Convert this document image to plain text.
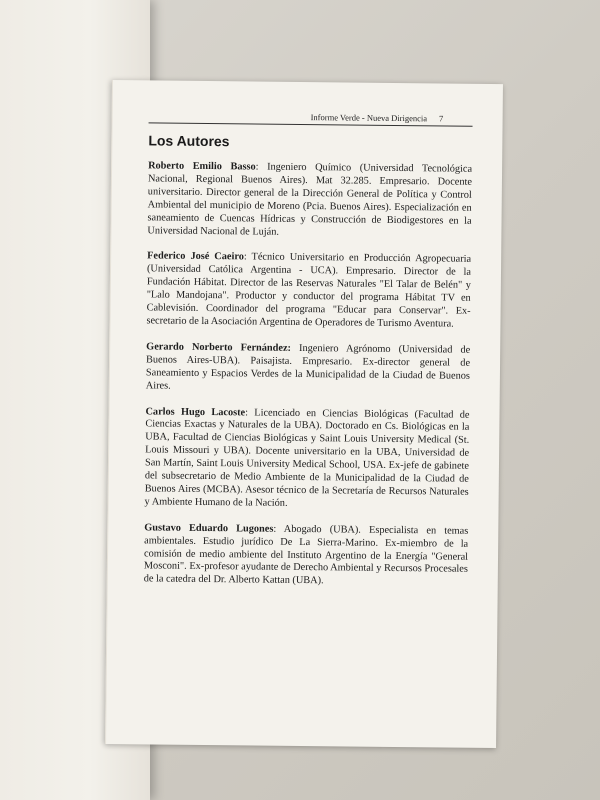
Informe Verde - Nueva Dirigencia 7
Los Autores

Roberto Emilio Basso: Ingeniero Químico (Universidad Tecnológica Nacional, Regional Buenos Aires). Mat 32.285. Empresario. Docente universitario. Director general de la Dirección General de Política y Control Ambiental del municipio de Moreno (Pcia. Buenos Aires). Especialización en saneamiento de Cuencas Hídricas y Construcción de Biodigestores en la Universidad Nacional de Luján.

Federico José Caeiro: Técnico Universitario en Producción Agropecuaria (Universidad Católica Argentina - UCA). Empresario. Director de la Fundación Hábitat. Director de las Reservas Naturales "El Talar de Belén" y "Lalo Mandojana". Productor y conductor del programa Hábitat TV en Cablevisión. Coordinador del programa "Educar para Conservar". Ex-secretario de la Asociación Argentina de Operadores de Turismo Aventura.

Gerardo Norberto Fernández: Ingeniero Agrónomo (Universidad de Buenos Aires-UBA). Paisajista. Empresario. Ex-director general de Saneamiento y Espacios Verdes de la Municipalidad de la Ciudad de Buenos Aires.

Carlos Hugo Lacoste: Licenciado en Ciencias Biológicas (Facultad de Ciencias Exactas y Naturales de la UBA). Doctorado en Cs. Biológicas en la UBA, Facultad de Ciencias Biológicas y Saint Louis University Medical (St. Louis Missouri y UBA). Docente universitario en la UBA, Universidad de San Martín, Saint Louis University Medical School, USA. Ex-jefe de gabinete del subsecretario de Medio Ambiente de la Municipalidad de la Ciudad de Buenos Aires (MCBA). Asesor técnico de la Secretaría de Recursos Naturales y Ambiente Humano de la Nación.

Gustavo Eduardo Lugones: Abogado (UBA). Especialista en temas ambientales. Estudio jurídico De La Sierra-Marino. Ex-miembro de la comisión de medio ambiente del Instituto Argentino de la Energía "General Mosconi". Ex-profesor ayudante de Derecho Ambiental y Recursos Procesales de la catedra del Dr. Alberto Kattan (UBA).
